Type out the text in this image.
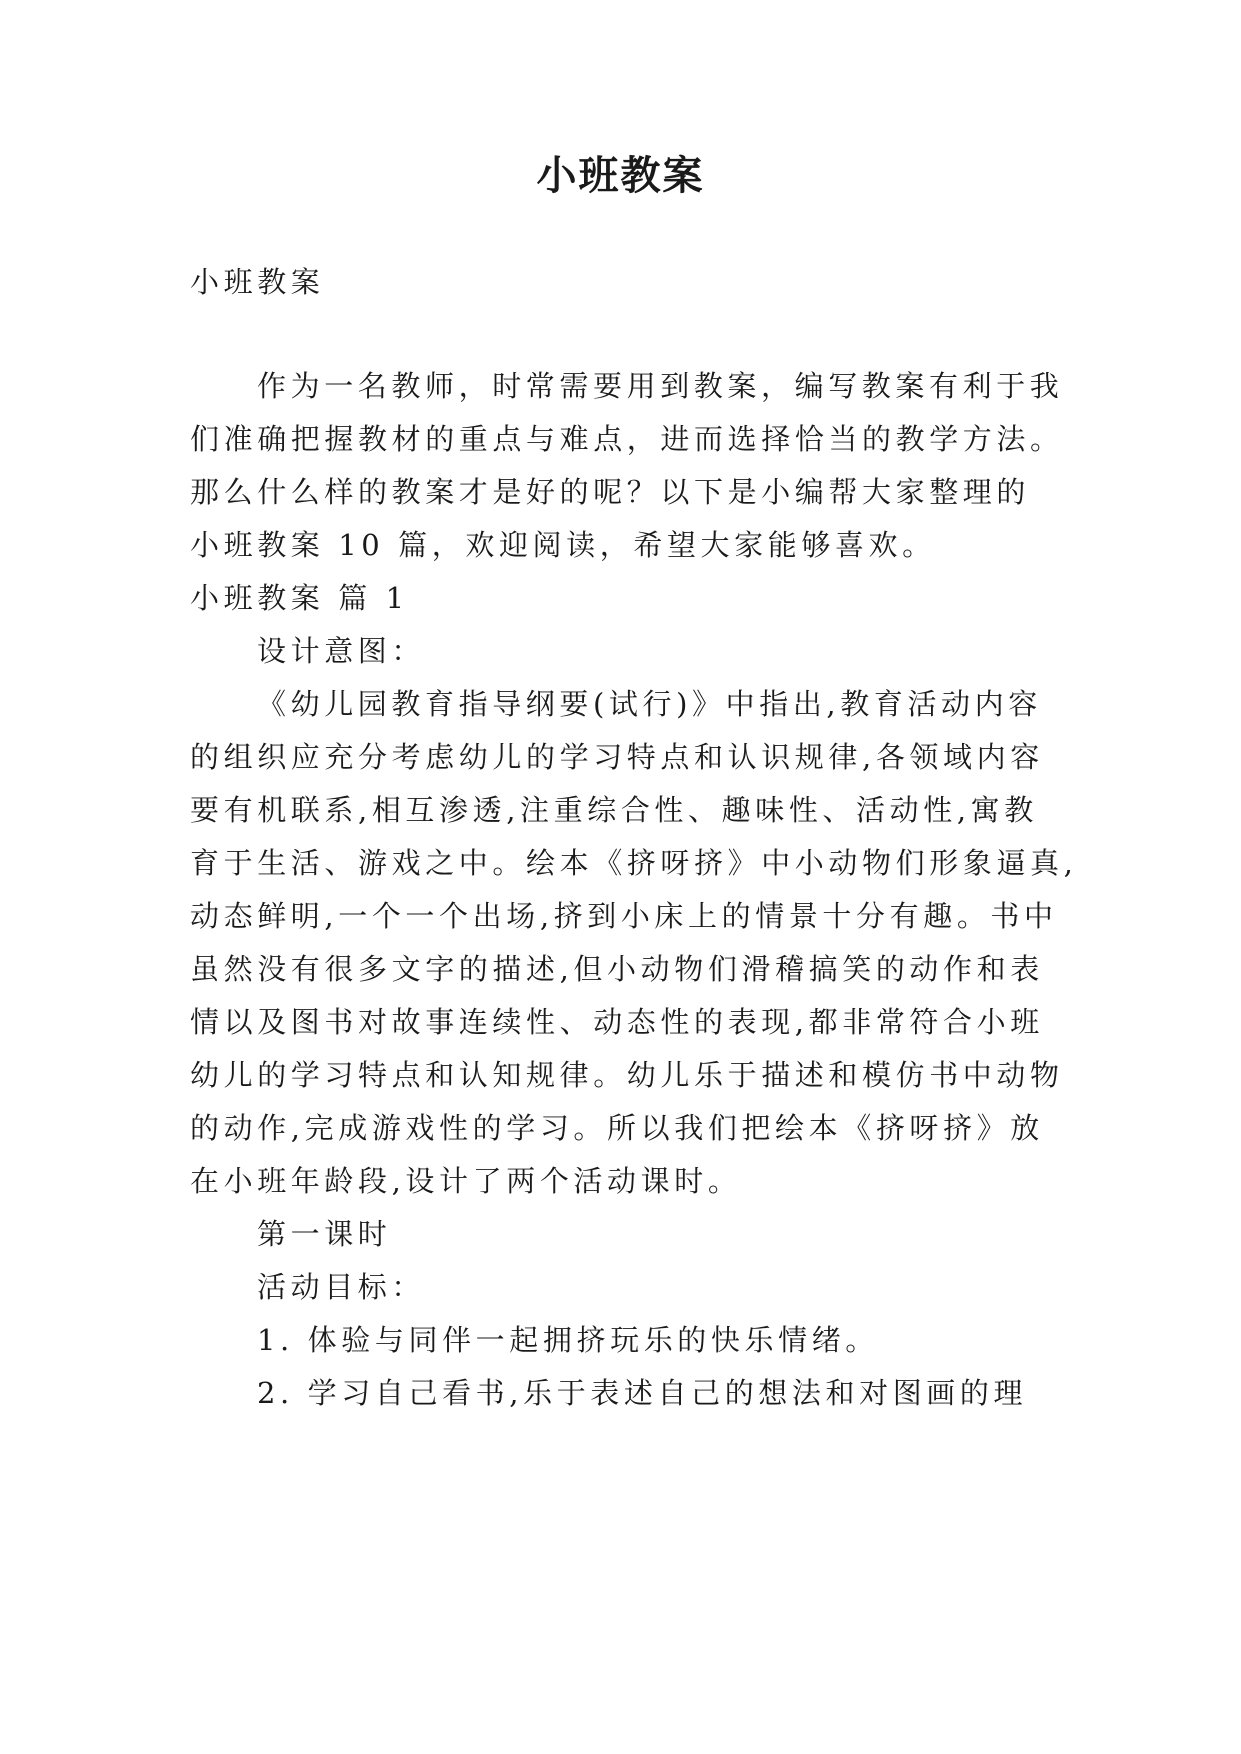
小班教案
小班教案
作为一名教师，时常需要用到教案，编写教案有利于我
们准确把握教材的重点与难点，进而选择恰当的教学方法。
那么什么样的教案才是好的呢？以下是小编帮大家整理的
小班教案 10 篇，欢迎阅读，希望大家能够喜欢。
小班教案 篇 1
设计意图：
《幼儿园教育指导纲要(试行)》中指出,教育活动内容
的组织应充分考虑幼儿的学习特点和认识规律,各领域内容
要有机联系,相互渗透,注重综合性、趣味性、活动性,寓教
育于生活、游戏之中。绘本《挤呀挤》中小动物们形象逼真,
动态鲜明,一个一个出场,挤到小床上的情景十分有趣。书中
虽然没有很多文字的描述,但小动物们滑稽搞笑的动作和表
情以及图书对故事连续性、动态性的表现,都非常符合小班
幼儿的学习特点和认知规律。幼儿乐于描述和模仿书中动物
的动作,完成游戏性的学习。所以我们把绘本《挤呀挤》放
在小班年龄段,设计了两个活动课时。
第一课时
活动目标：
1. 体验与同伴一起拥挤玩乐的快乐情绪。
2. 学习自己看书,乐于表述自己的想法和对图画的理
